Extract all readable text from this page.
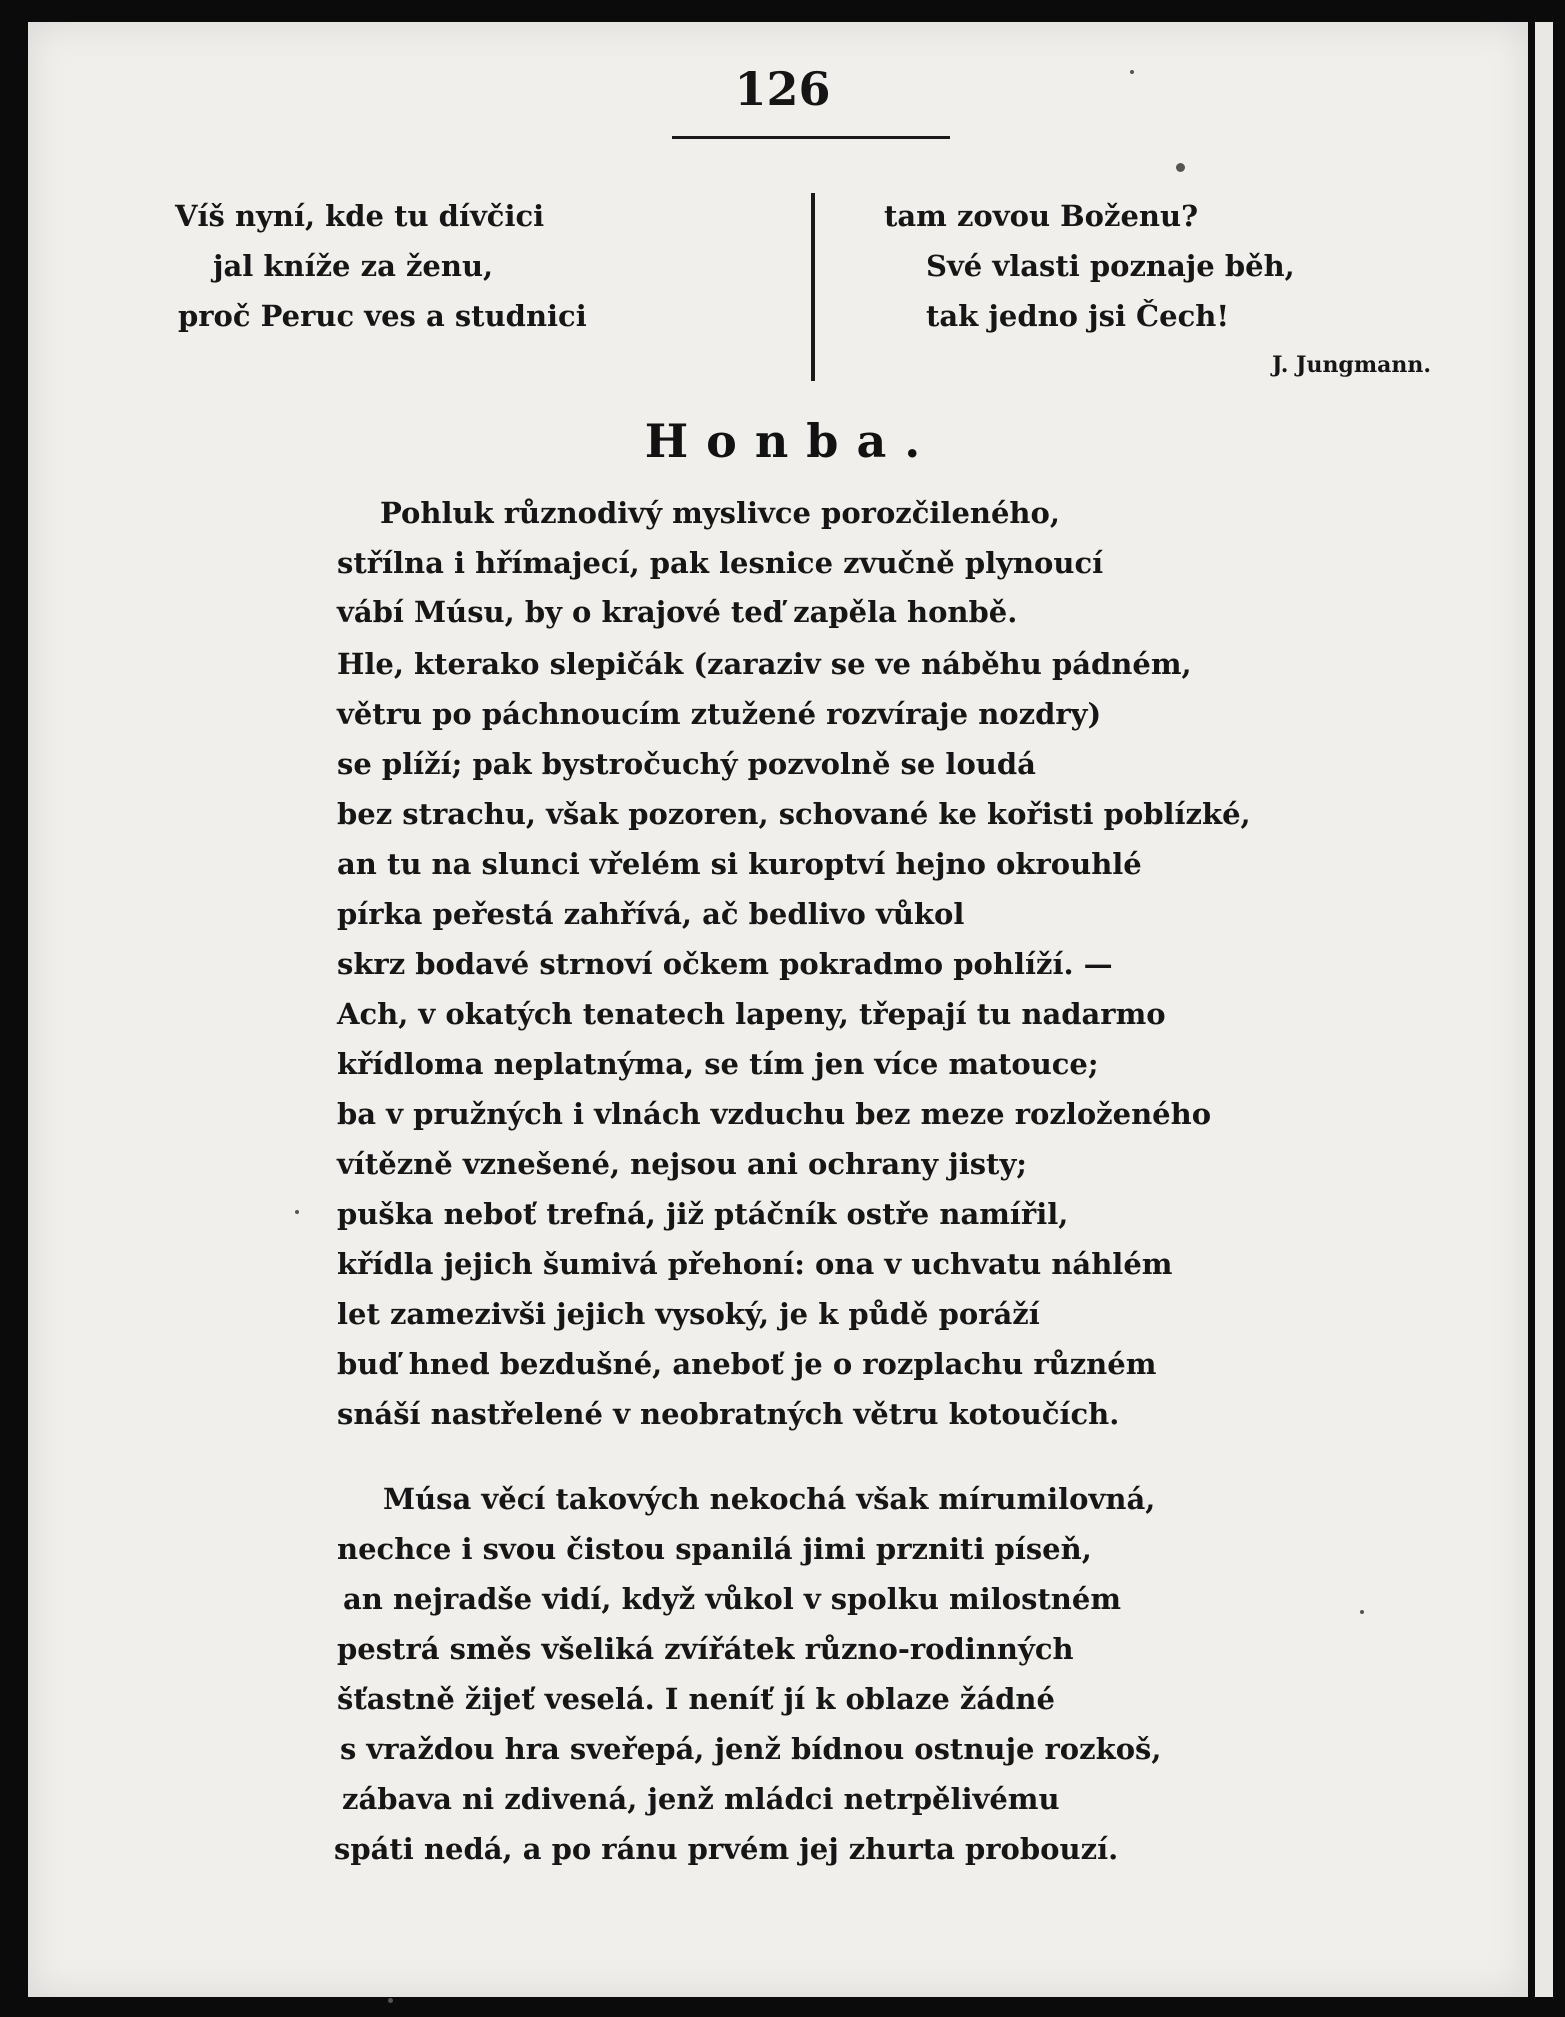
126
Víš nyní, kde tu dívčici
jal kníže za ženu,
proč Peruc ves a studnici
tam zovou Boženu?
Své vlasti poznaje běh,
tak jedno jsi Čech!
J. Jungmann.
Honba.
Pohluk různodivý myslivce porozčileného,
střílna i hřímajecí, pak lesnice zvučně plynoucí
vábí Músu, by o krajové teď zapěla honbě.
Hle, kterako slepičák (zaraziv se ve náběhu pádném,
větru po páchnoucím ztužené rozvíraje nozdry)
se plíží; pak bystročuchý pozvolně se loudá
bez strachu, však pozoren, schované ke kořisti poblízké,
an tu na slunci vřelém si kuroptví hejno okrouhlé
pírka peřestá zahřívá, ač bedlivo vůkol
skrz bodavé strnoví očkem pokradmo pohlíží. —
Ach, v okatých tenatech lapeny, třepají tu nadarmo
křídloma neplatnýma, se tím jen více matouce;
ba v pružných i vlnách vzduchu bez meze rozloženého
vítězně vznešené, nejsou ani ochrany jisty;
puška neboť trefná, již ptáčník ostře namířil,
křídla jejich šumivá přehoní: ona v uchvatu náhlém
let zamezivši jejich vysoký, je k půdě poráží
buď hned bezdušné, aneboť je o rozplachu různém
snáší nastřelené v neobratných větru kotoučích.
Músa věcí takových nekochá však mírumilovná,
nechce i svou čistou spanilá jimi przniti píseň,
an nejradše vidí, když vůkol v spolku milostném
pestrá směs všeliká zvířátek různo-rodinných
šťastně žijeť veselá. I neníť jí k oblaze žádné
s vraždou hra sveřepá, jenž bídnou ostnuje rozkoš,
zábava ni zdivená, jenž mládci netrpělivému
spáti nedá, a po ránu prvém jej zhurta probouzí.
